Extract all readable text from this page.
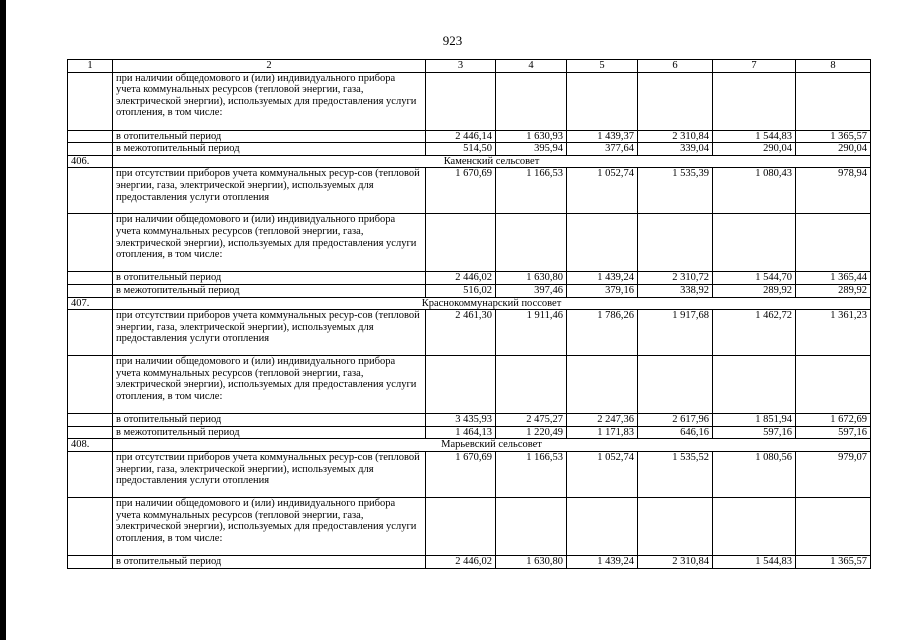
923
1	2	3	4	5	6	7	8
	при наличии общедомового и (или) индивидуального прибора учета коммунальных ресурсов (тепловой энергии, газа, электрической энергии), используемых для предоставления услуги отопления, в том числе:						
	в отопительный период	2 446,14	1 630,93	1 439,37	2 310,84	1 544,83	1 365,57
	в межотопительный период	514,50	395,94	377,64	339,04	290,04	290,04
406.	Каменский сельсовет						
	при отсутствии приборов учета коммунальных ресур-сов (тепловой энергии, газа, электрической энергии), используемых для предоставления услуги отопления	1 670,69	1 166,53	1 052,74	1 535,39	1 080,43	978,94
	при наличии общедомового и (или) индивидуального прибора учета коммунальных ресурсов (тепловой энергии, газа, электрической энергии), используемых для предоставления услуги отопления, в том числе:						
	в отопительный период	2 446,02	1 630,80	1 439,24	2 310,72	1 544,70	1 365,44
	в межотопительный период	516,02	397,46	379,16	338,92	289,92	289,92
407.	Краснокоммунарский поссовет						
	при отсутствии приборов учета коммунальных ресур-сов (тепловой энергии, газа, электрической энергии), используемых для предоставления услуги отопления	2 461,30	1 911,46	1 786,26	1 917,68	1 462,72	1 361,23
	при наличии общедомового и (или) индивидуального прибора учета коммунальных ресурсов (тепловой энергии, газа, электрической энергии), используемых для предоставления услуги отопления, в том числе:						
	в отопительный период	3 435,93	2 475,27	2 247,36	2 617,96	1 851,94	1 672,69
	в межотопительный период	1 464,13	1 220,49	1 171,83	646,16	597,16	597,16
408.	Марьевский сельсовет						
	при отсутствии приборов учета коммунальных ресур-сов (тепловой энергии, газа, электрической энергии), используемых для предоставления услуги отопления	1 670,69	1 166,53	1 052,74	1 535,52	1 080,56	979,07
	при наличии общедомового и (или) индивидуального прибора учета коммунальных ресурсов (тепловой энергии, газа, электрической энергии), используемых для предоставления услуги отопления, в том числе:						
	в отопительный период	2 446,02	1 630,80	1 439,24	2 310,84	1 544,83	1 365,57
